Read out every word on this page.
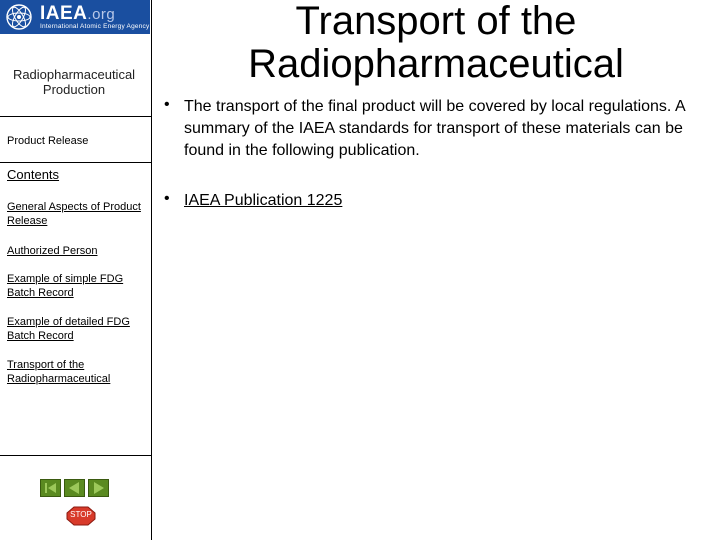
IAEA.org
International Atomic Energy Agency
Radiopharmaceutical Production
Product Release
Contents
General Aspects of Product Release
Authorized Person
Example of simple FDG Batch Record
Example of detailed FDG Batch Record
Transport of the Radiopharmaceutical
STOP
Transport of the Radiopharmaceutical
• The transport of the final product will be covered by local regulations. A summary of the IAEA standards for transport of these materials can be found in the following publication.
• IAEA Publication 1225
